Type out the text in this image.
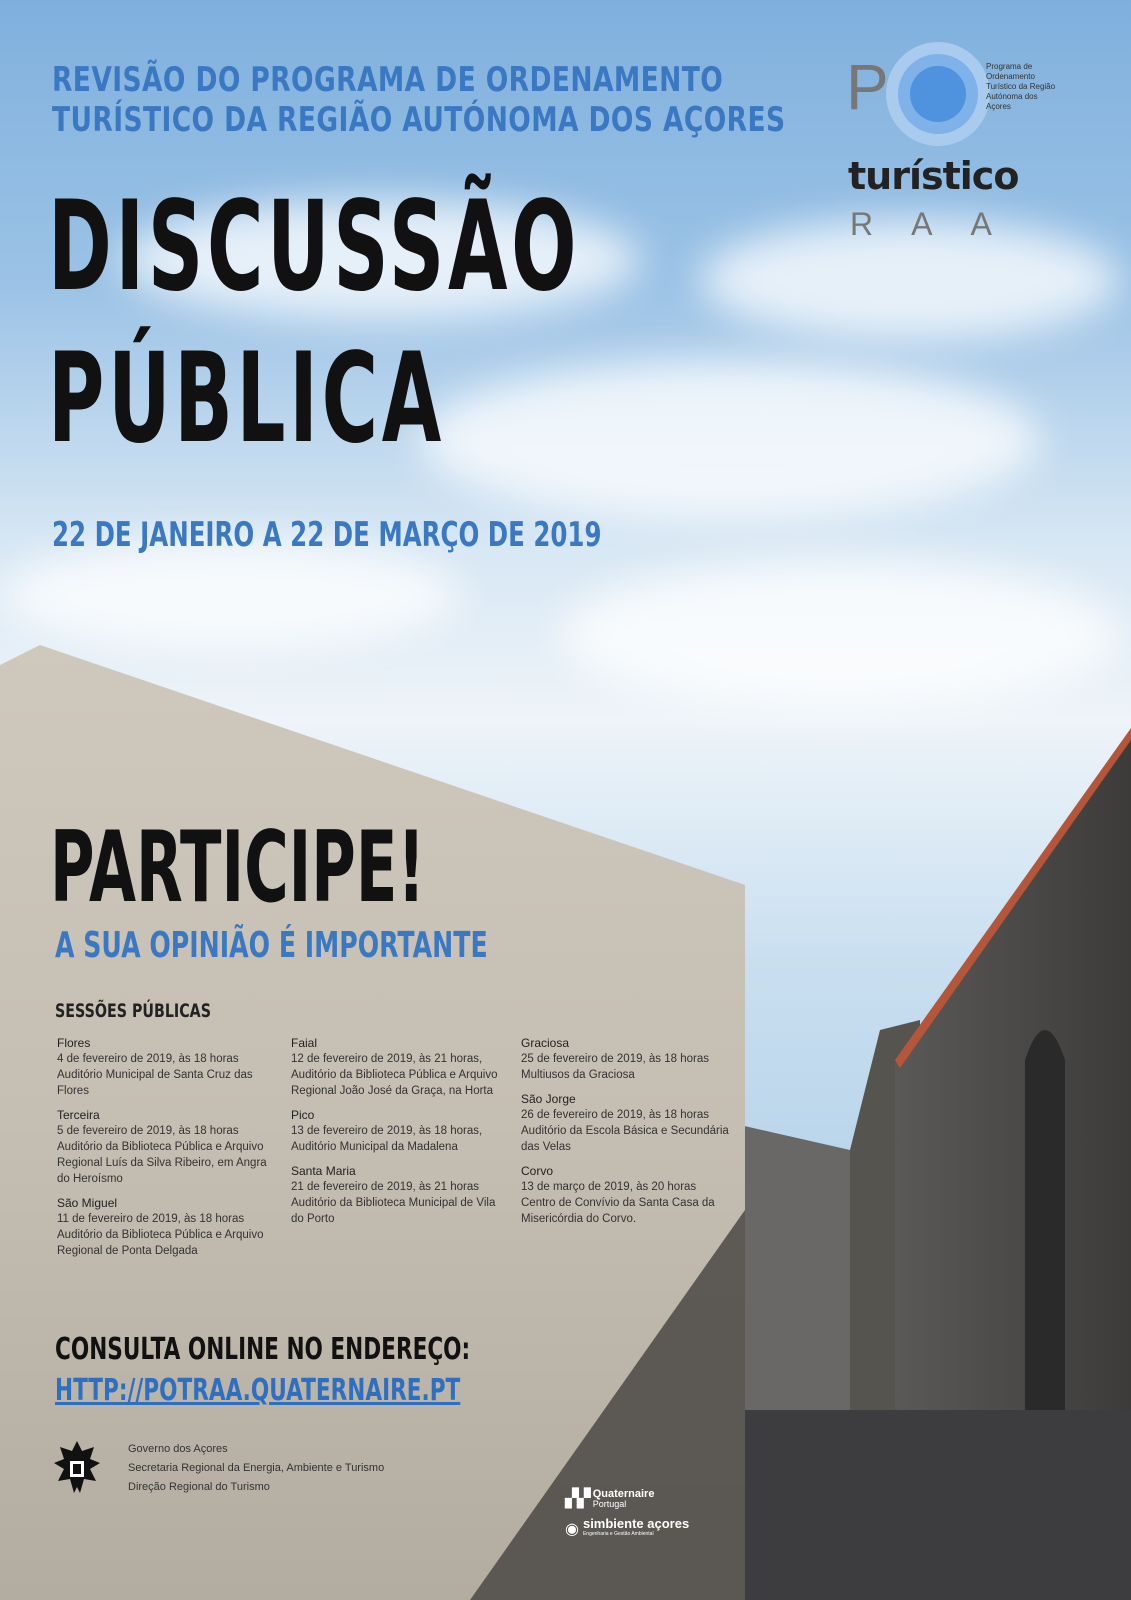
REVISÃO DO PROGRAMA DE ORDENAMENTO
TURÍSTICO DA REGIÃO AUTÓNOMA DOS AÇORES
DISCUSSÃO
PÚBLICA
22 DE JANEIRO A 22 DE MARÇO DE 2019
P	Programa de Ordenamento Turístico da Região Autónoma dos Açores
turístico
RAA
PARTICIPE!
A SUA OPINIÃO É IMPORTANTE
SESSÕES PÚBLICAS
Flores
4 de fevereiro de 2019, às 18 horas Auditório Municipal de Santa Cruz das Flores
Terceira
5 de fevereiro de 2019, às 18 horas Auditório da Biblioteca Pública e Arquivo Regional Luís da Silva Ribeiro, em Angra do Heroísmo
São Miguel
11 de fevereiro de 2019, às 18 horas Auditório da Biblioteca Pública e Arquivo Regional de Ponta Delgada
Faial
12 de fevereiro de 2019, às 21 horas, Auditório da Biblioteca Pública e Arquivo Regional João José da Graça, na Horta
Pico
13 de fevereiro de 2019, às 18 horas, Auditório Municipal da Madalena
Santa Maria
21 de fevereiro de 2019, às 21 horas Auditório da Biblioteca Municipal de Vila do Porto
Graciosa
25 de fevereiro de 2019, às 18 horas Multiusos da Graciosa
São Jorge
26 de fevereiro de 2019, às 18 horas Auditório da Escola Básica e Secundária das Velas
Corvo
13 de março de 2019, às 20 horas Centro de Convívio da Santa Casa da Misericórdia do Corvo.
CONSULTA ONLINE NO ENDEREÇO:
HTTP://POTRAA.QUATERNAIRE.PT
Governo dos Açores
Secretaria Regional da Energia, Ambiente e Turismo
Direção Regional do Turismo
▞▞ Quaternaire
Portugal
◉ simbiente açores
Engenharia e Gestão Ambiental
